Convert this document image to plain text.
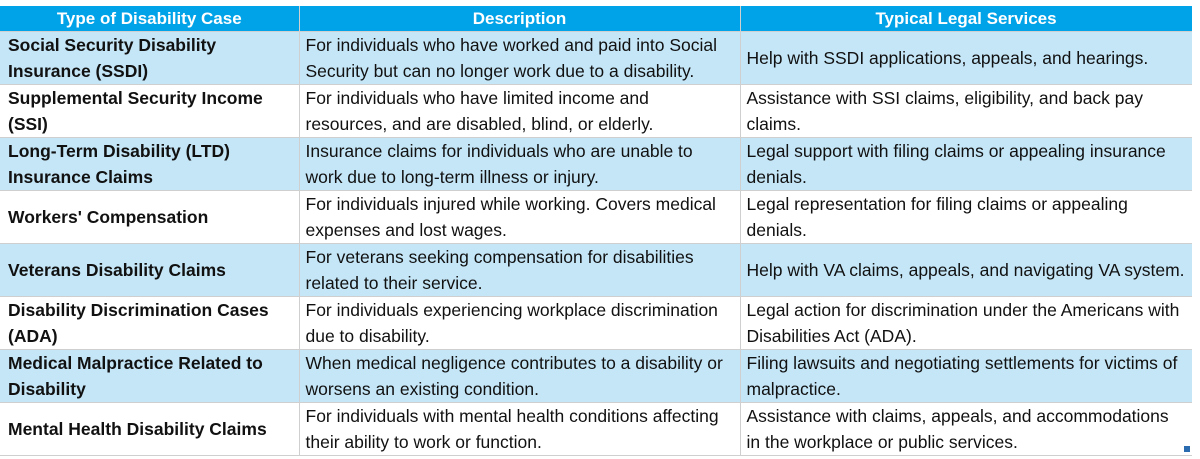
Type of Disability Case	Description	Typical Legal Services
Social Security Disability Insurance (SSDI)	For individuals who have worked and paid into Social Security but can no longer work due to a disability.	Help with SSDI applications, appeals, and hearings.
Supplemental Security Income (SSI)	For individuals who have limited income and resources, and are disabled, blind, or elderly.	Assistance with SSI claims, eligibility, and back pay claims.
Long-Term Disability (LTD) Insurance Claims	Insurance claims for individuals who are unable to work due to long-term illness or injury.	Legal support with filing claims or appealing insurance denials.
Workers' Compensation	For individuals injured while working. Covers medical expenses and lost wages.	Legal representation for filing claims or appealing denials.
Veterans Disability Claims	For veterans seeking compensation for disabilities related to their service.	Help with VA claims, appeals, and navigating VA system.
Disability Discrimination Cases (ADA)	For individuals experiencing workplace discrimination due to disability.	Legal action for discrimination under the Americans with Disabilities Act (ADA).
Medical Malpractice Related to Disability	When medical negligence contributes to a disability or worsens an existing condition.	Filing lawsuits and negotiating settlements for victims of malpractice.
Mental Health Disability Claims	For individuals with mental health conditions affecting their ability to work or function.	Assistance with claims, appeals, and accommodations in the workplace or public services.
